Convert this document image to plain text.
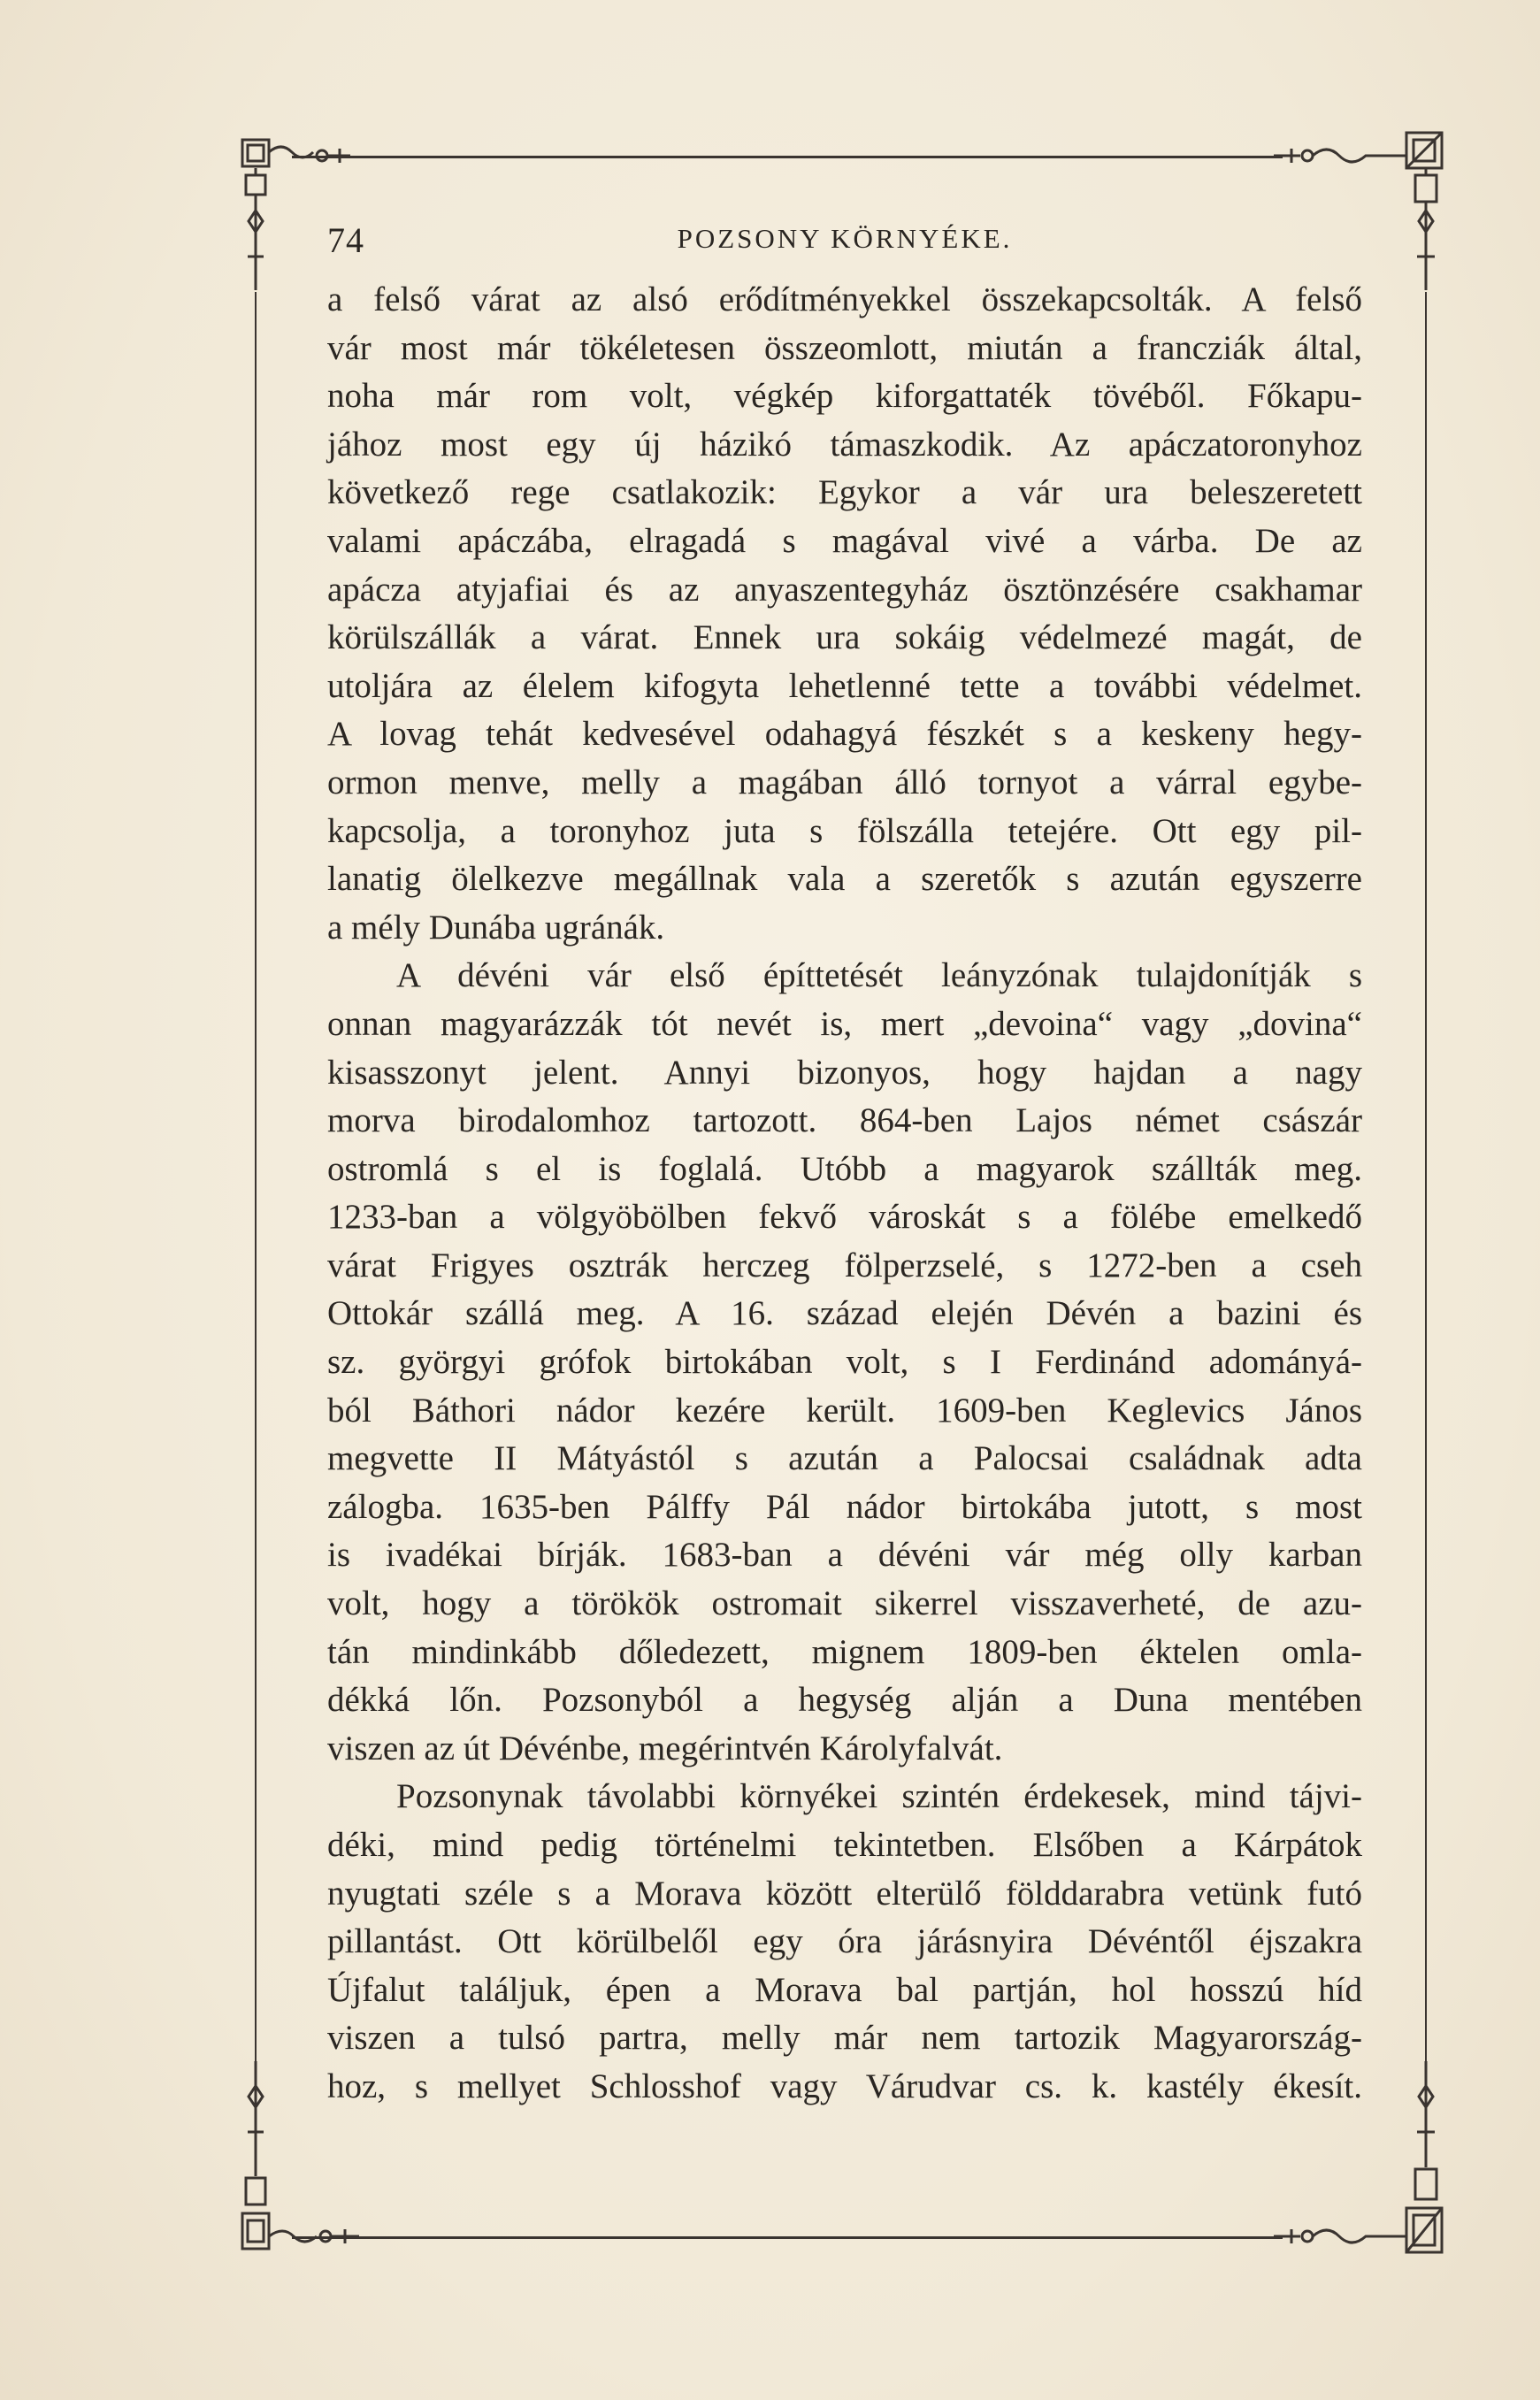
74	POZSONY KÖRNYÉKE.
a felső várat az alsó erődítményekkel összekapcsolták. A felső
vár most már tökéletesen összeomlott, miután a francziák által,
noha már rom volt, végkép kiforgattaték tövéből. Főkapu-
jához most egy új házikó támaszkodik. Az apáczatoronyhoz
következő rege csatlakozik: Egykor a vár ura beleszeretett
valami apáczába, elragadá s magával vivé a várba. De az
apácza atyjafiai és az anyaszentegyház ösztönzésére csakhamar
körülszállák a várat. Ennek ura sokáig védelmezé magát, de
utoljára az élelem kifogyta lehetlenné tette a további védelmet.
A lovag tehát kedvesével odahagyá fészkét s a keskeny hegy-
ormon menve, melly a magában álló tornyot a várral egybe-
kapcsolja, a toronyhoz juta s fölszálla tetejére. Ott egy pil-
lanatig ölelkezve megállnak vala a szeretők s azután egyszerre
a mély Dunába ugránák.
A dévéni vár első építtetését leányzónak tulajdonítják s
onnan magyarázzák tót nevét is, mert „devoina“ vagy „dovina“
kisasszonyt jelent. Annyi bizonyos, hogy hajdan a nagy
morva birodalomhoz tartozott. 864-ben Lajos német császár
ostromlá s el is foglalá. Utóbb a magyarok szállták meg.
1233-ban a völgyöbölben fekvő városkát s a fölébe emelkedő
várat Frigyes osztrák herczeg fölperzselé, s 1272-ben a cseh
Ottokár szállá meg. A 16. század elején Dévén a bazini és
sz. györgyi grófok birtokában volt, s I Ferdinánd adományá-
ból Báthori nádor kezére került. 1609-ben Keglevics János
megvette II Mátyástól s azután a Palocsai családnak adta
zálogba. 1635-ben Pálffy Pál nádor birtokába jutott, s most
is ivadékai bírják. 1683-ban a dévéni vár még olly karban
volt, hogy a törökök ostromait sikerrel visszaverheté, de azu-
tán mindinkább dőledezett, mignem 1809-ben éktelen omla-
dékká lőn. Pozsonyból a hegység alján a Duna mentében
viszen az út Dévénbe, megérintvén Károlyfalvát.
Pozsonynak távolabbi környékei szintén érdekesek, mind tájvi-
déki, mind pedig történelmi tekintetben. Elsőben a Kárpátok
nyugtati széle s a Morava között elterülő földdarabra vetünk futó
pillantást. Ott körülbelől egy óra járásnyira Dévéntől éjszakra
Újfalut találjuk, épen a Morava bal partján, hol hosszú híd
viszen a tulsó partra, melly már nem tartozik Magyarország-
hoz, s mellyet Schlosshof vagy Várudvar cs. k. kastély ékesít.
